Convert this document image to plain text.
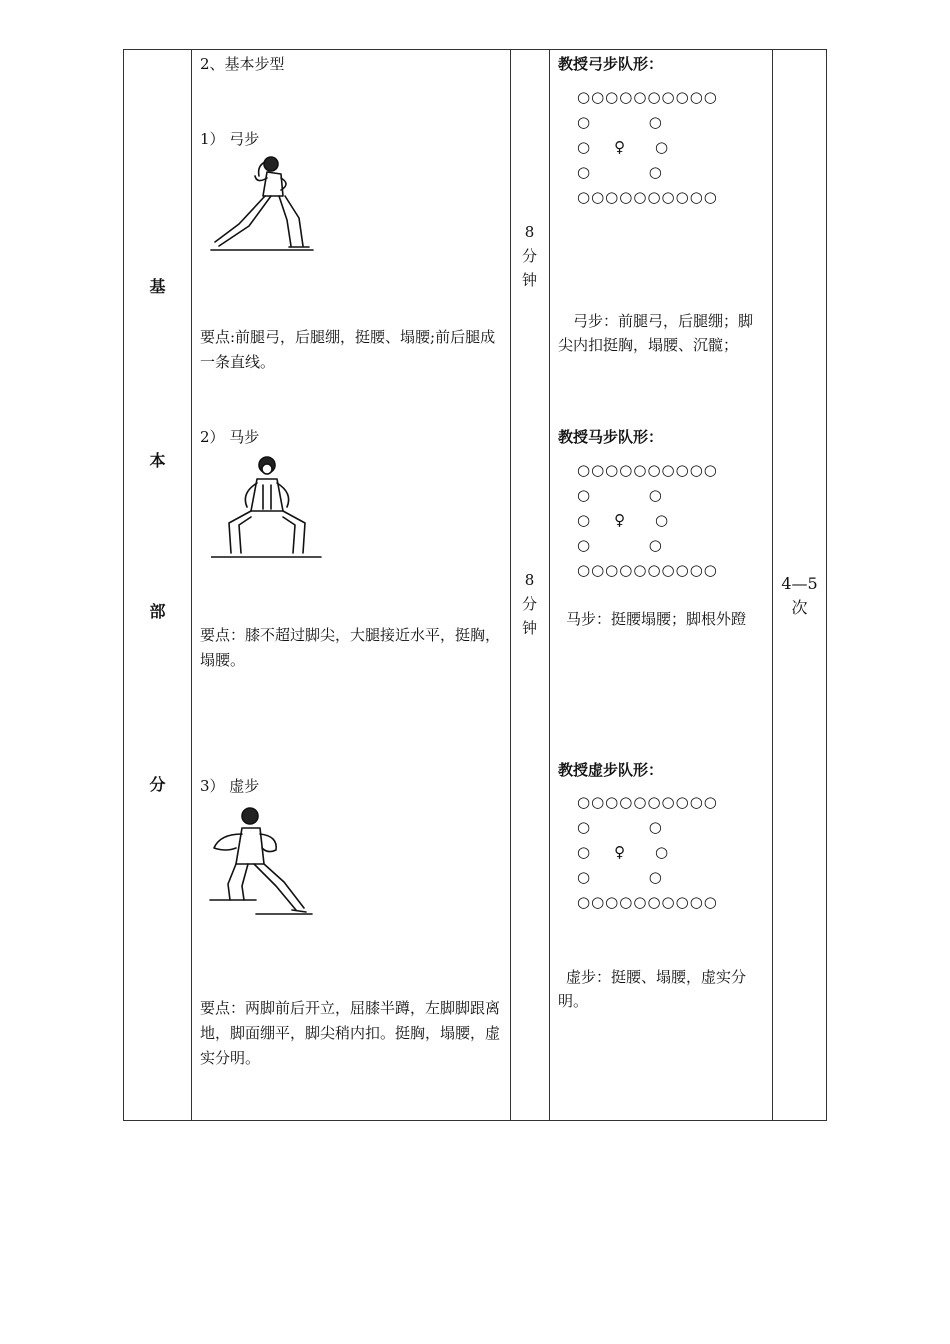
基
本
部
分
2、基本步型
1） 弓步
要点:前腿弓，后腿绷，挺腰、塌腰;前后腿成一条直线。
2） 马步
要点：膝不超过脚尖，大腿接近水平，挺胸，塌腰。
3） 虚步
要点：两脚前后开立，屈膝半蹲，左脚脚跟离地，脚面绷平，脚尖稍内扣。挺胸，塌腰，虚实分明。
8
分
钟
8
分
钟
教授弓步队形：
○○○○○○○○○○
○          ○
○    ♀     ○
○          ○
○○○○○○○○○○
弓步：前腿弓，后腿绷；脚尖内扣挺胸，塌腰、沉髋；
教授马步队形：
○○○○○○○○○○
○          ○
○    ♀     ○
○          ○
○○○○○○○○○○
马步：挺腰塌腰；脚根外蹬
教授虚步队形：
○○○○○○○○○○
○          ○
○    ♀     ○
○          ○
○○○○○○○○○○
虚步：挺腰、塌腰，虚实分明。
4—5
次
